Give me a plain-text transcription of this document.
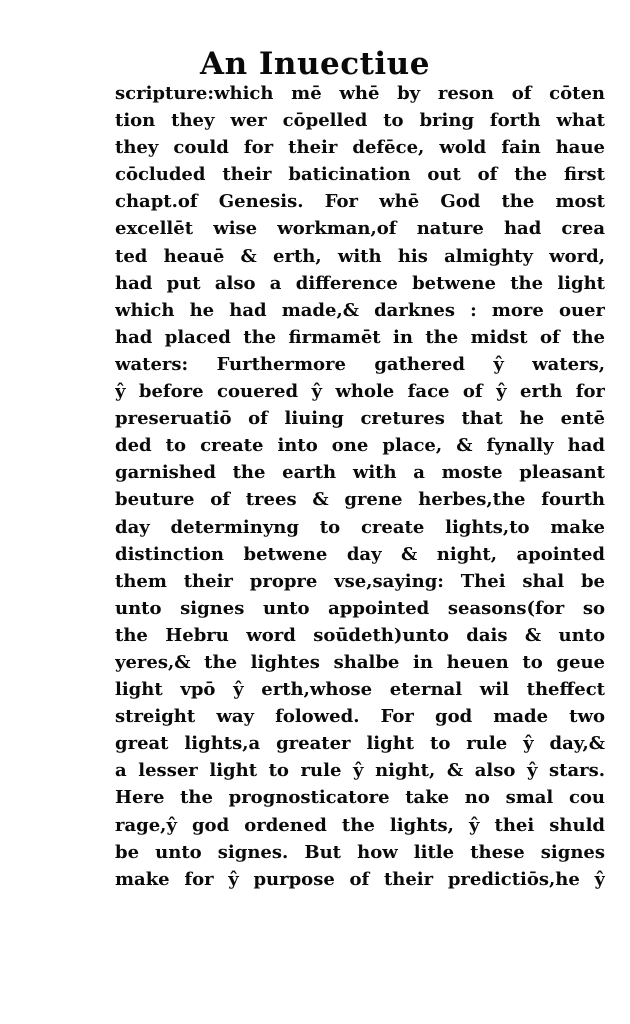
An Inuectiue
scripture:which mē whē by reson of cōten
tion they wer cōpelled to bring forth what
they could for their defēce, wold fain haue
cōcluded their baticination out of the first
chapt.of Genesis. For whē God the most
excellēt wise workman,of nature had crea
ted heauē & erth, with his almighty word,
had put also a difference betwene the light
which he had made,& darknes : more ouer
had placed the firmamēt in the midst of the
waters: Furthermore gathered ŷ waters,
ŷ before couered ŷ whole face of ŷ erth for
preseruatiō of liuing cretures that he entē
ded to create into one place, & fynally had
garnished the earth with a moste pleasant
beuture of trees & grene herbes,the fourth
day determinyng to create lights,to make
distinction betwene day & night, apointed
them their propre vse,saying: Thei shal be
unto signes unto appointed seasons(for so
the Hebru word soūdeth)unto dais & unto
yeres,& the lightes shalbe in heuen to geue
light vpō ŷ erth,whose eternal wil theffect
streight way folowed. For god made two
great lights,a greater light to rule ŷ day,&
a lesser light to rule ŷ night, & also ŷ stars.
Here the prognosticatore take no smal cou
rage,ŷ god ordened the lights, ŷ thei shuld
be unto signes. But how litle these signes
make for ŷ purpose of their predictiōs,he ŷ
